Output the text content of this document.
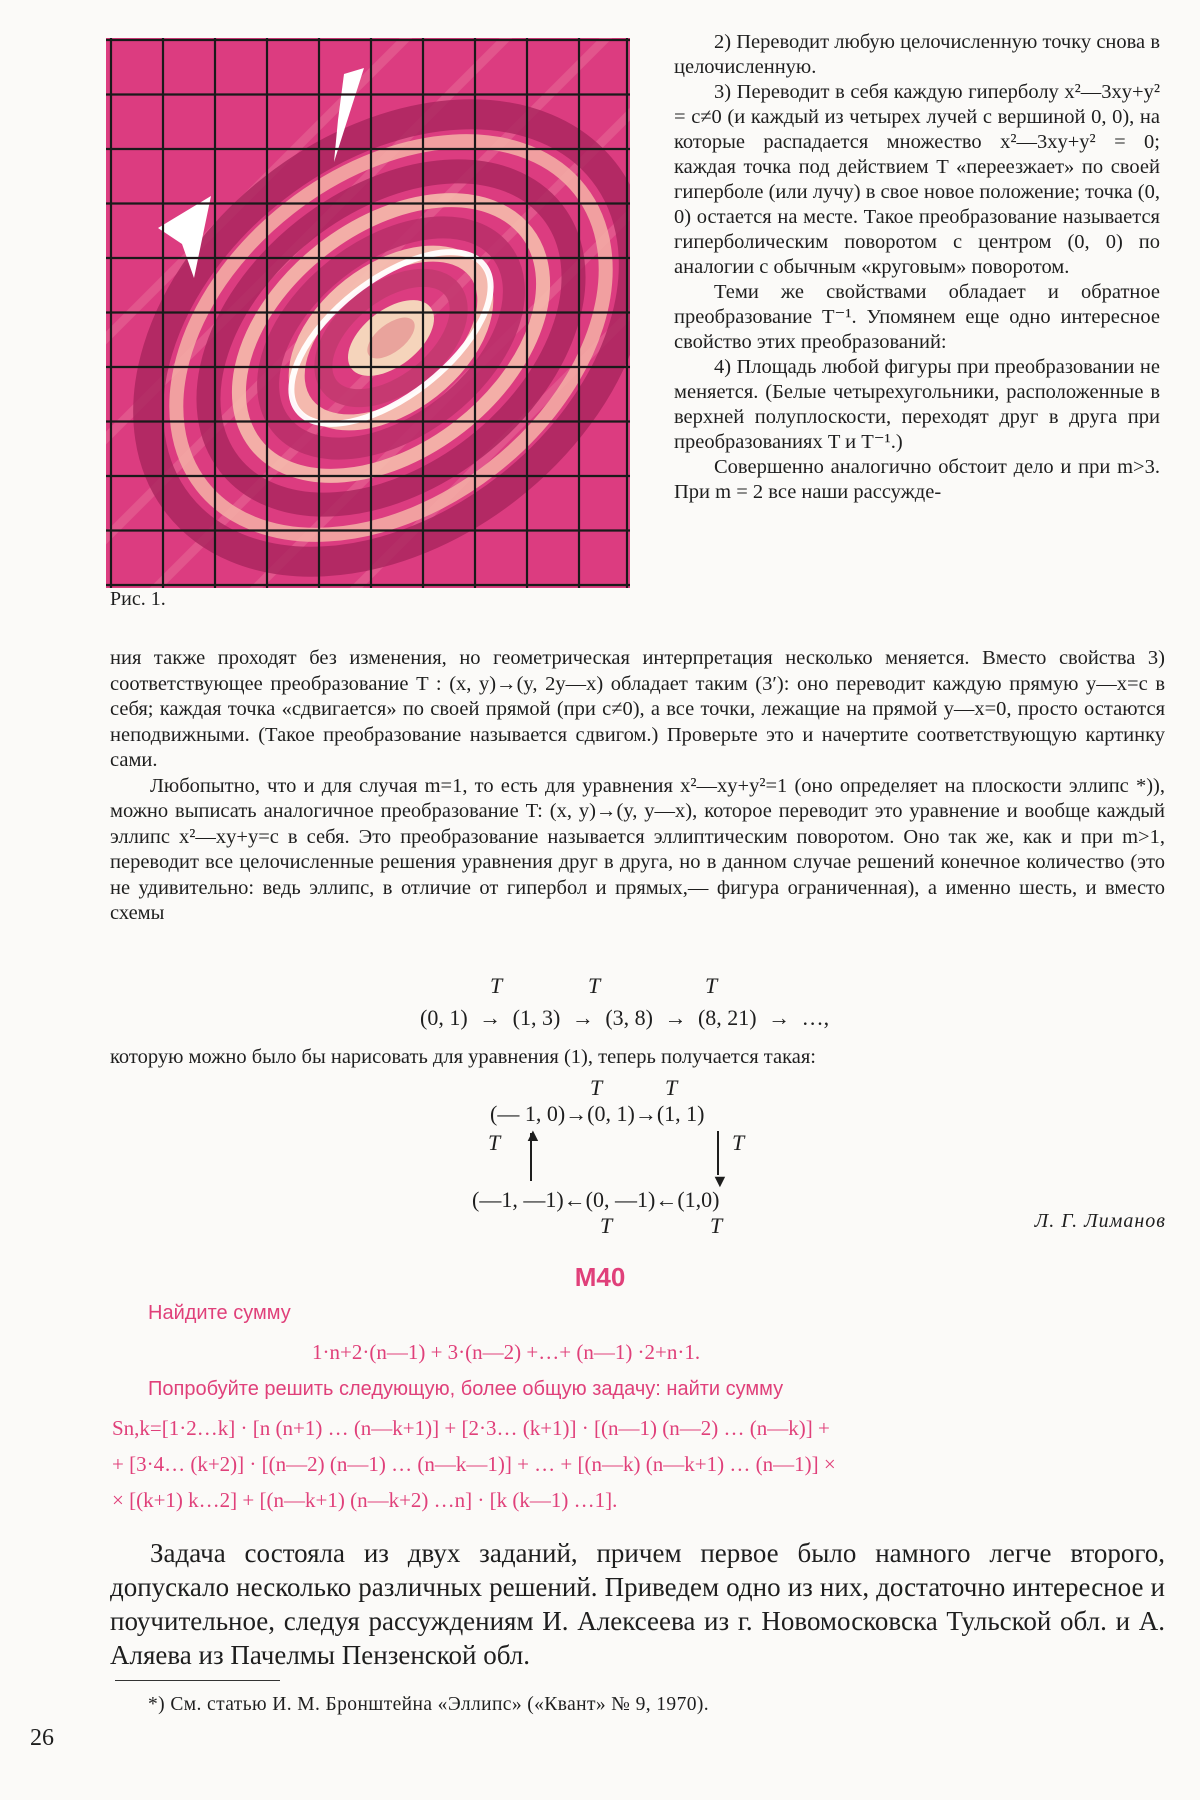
Рис. 1.

2) Переводит любую целочисленную точку снова в целочисленную.

3) Переводит в себя каждую гиперболу x²—3xy+y² = c≠0 (и каждый из четырех лучей с вершиной 0, 0), на которые распадается множество x²—3xy+y² = 0; каждая точка под действием T «переезжает» по своей гиперболе (или лучу) в свое новое положение; точка (0, 0) остается на месте. Такое преобразование называется гиперболическим поворотом с центром (0, 0) по аналогии с обычным «круговым» поворотом.

Теми же свойствами обладает и обратное преобразование T⁻¹. Упомянем еще одно интересное свойство этих преобразований:

4) Площадь любой фигуры при преобразовании не меняется. (Белые четырехугольники, расположенные в верхней полуплоскости, переходят друг в друга при преобразованиях T и T⁻¹.)

Совершенно аналогично обстоит дело и при m>3. При m = 2 все наши рассужде-

ния также проходят без изменения, но геометрическая интерпретация несколько меняется. Вместо свойства 3) соответствующее преобразование T : (x, y)→(y, 2y—x) обладает таким (3′): оно переводит каждую прямую y—x=c в себя; каждая точка «сдвигается» по своей прямой (при c≠0), а все точки, лежащие на прямой y—x=0, просто остаются неподвижными. (Такое преобразование называется сдвигом.) Проверьте это и начертите соответствующую картинку сами.

Любопытно, что и для случая m=1, то есть для уравнения x²—xy+y²=1 (оно определяет на плоскости эллипс *)), можно выписать аналогичное преобразование T: (x, y)→(y, y—x), которое переводит это уравнение и вообще каждый эллипс x²—xy+y=c в себя. Это преобразование называется эллиптическим поворотом. Оно так же, как и при m>1, переводит все целочисленные решения уравнения друг в друга, но в данном случае решений конечное количество (это не удивительно: ведь эллипс, в отличие от гипербол и прямых,— фигура ограниченная), а именно шесть, и вместо схемы

T	T	T
(0, 1) → (1, 3) → (3, 8) → (8, 21) → …,

которую можно было бы нарисовать для уравнения (1), теперь получается такая:

T	T
(— 1, 0)→(0, 1)→(1, 1)
T	T
▲
▼
(—1, —1)←(0, —1)←(1,0)
T	T	Л. Г. Лиманов
М40
Найдите сумму
1·n+2·(n—1) + 3·(n—2) +…+ (n—1) ·2+n·1.
Попробуйте решить следующую, более общую задачу: найти сумму
Sn,k=[1·2…k] · [n (n+1) … (n—k+1)] + [2·3… (k+1)] · [(n—1) (n—2) … (n—k)] +
+ [3·4… (k+2)] · [(n—2) (n—1) … (n—k—1)] + … + [(n—k) (n—k+1) … (n—1)] ×
× [(k+1) k…2] + [(n—k+1) (n—k+2) …n] · [k (k—1) …1].
Задача состояла из двух заданий, причем первое было намного легче второго, допускало несколько различных решений. Приведем одно из них, достаточно интересное и поучительное, следуя рассуждениям И. Алексеева из г. Новомосковска Тульской обл. и А. Аляева из Пачелмы Пензенской обл.
*) См. статью И. М. Бронштейна «Эллипс» («Квант» № 9, 1970).
26
